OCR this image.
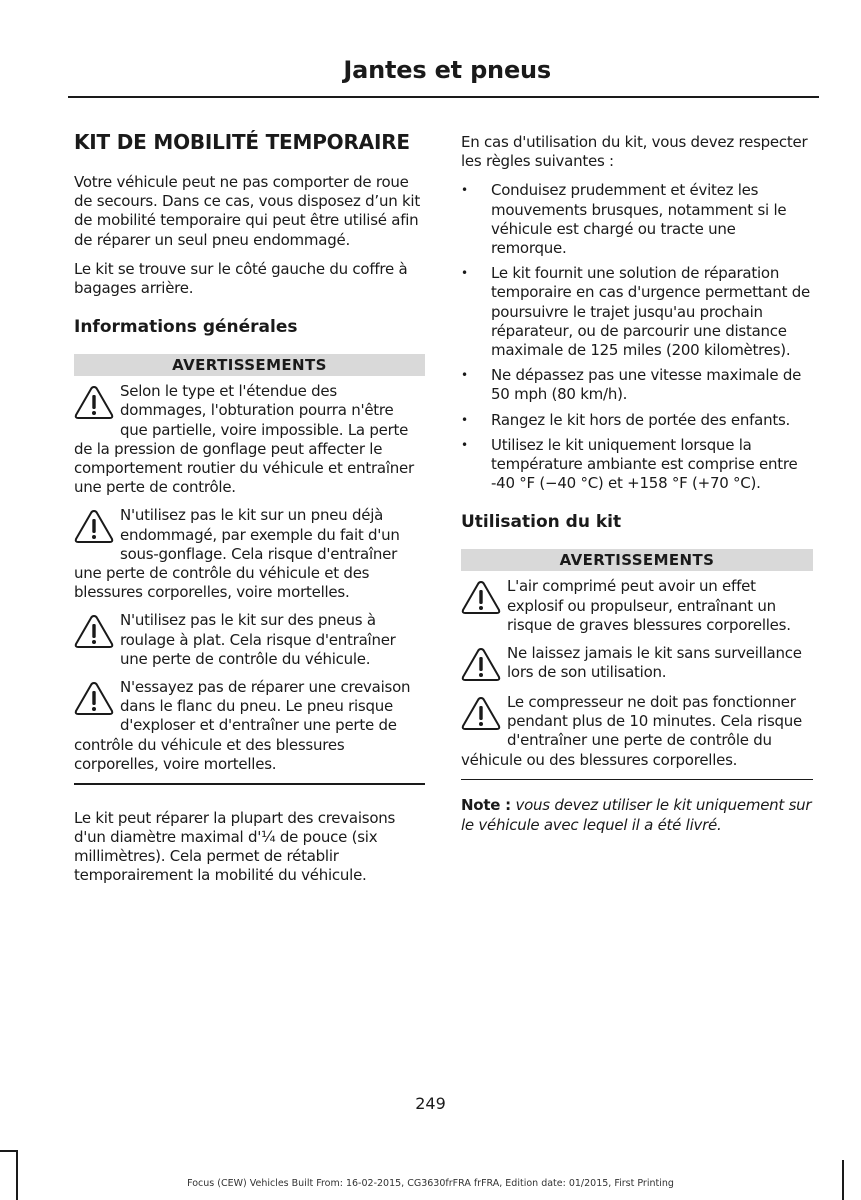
Jantes et pneus
KIT DE MOBILITÉ TEMPORAIRE

Votre véhicule peut ne pas comporter de roue de secours. Dans ce cas, vous disposez d’un kit de mobilité temporaire qui peut être utilisé afin de réparer un seul pneu endommagé.

Le kit se trouve sur le côté gauche du coffre à bagages arrière.

Informations générales
AVERTISSEMENTS
Selon le type et l'étendue des dommages, l'obturation pourra n'être que partielle, voire impossible. La perte de la pression de gonflage peut affecter le comportement routier du véhicule et entraîner une perte de contrôle.
N'utilisez pas le kit sur un pneu déjà endommagé, par exemple du fait d'un sous-gonflage. Cela risque d'entraîner une perte de contrôle du véhicule et des blessures corporelles, voire mortelles.
N'utilisez pas le kit sur des pneus à roulage à plat. Cela risque d'entraîner une perte de contrôle du véhicule.
N'essayez pas de réparer une crevaison dans le flanc du pneu. Le pneu risque d'exploser et d'entraîner une perte de contrôle du véhicule et des blessures corporelles, voire mortelles.

Le kit peut réparer la plupart des crevaisons d'un diamètre maximal d'¼ de pouce (six millimètres). Cela permet de rétablir temporairement la mobilité du véhicule.

En cas d'utilisation du kit, vous devez respecter les règles suivantes :

• Conduisez prudemment et évitez les mouvements brusques, notamment si le véhicule est chargé ou tracte une remorque.
• Le kit fournit une solution de réparation temporaire en cas d'urgence permettant de poursuivre le trajet jusqu'au prochain réparateur, ou de parcourir une distance maximale de 125 miles (200 kilomètres).
• Ne dépassez pas une vitesse maximale de 50 mph (80 km/h).
• Rangez le kit hors de portée des enfants.
• Utilisez le kit uniquement lorsque la température ambiante est comprise entre -40 °F (−40 °C) et +158 °F (+70 °C).
Utilisation du kit
AVERTISSEMENTS
L'air comprimé peut avoir un effet explosif ou propulseur, entraînant un risque de graves blessures corporelles.
Ne laissez jamais le kit sans surveillance lors de son utilisation.
Le compresseur ne doit pas fonctionner pendant plus de 10 minutes. Cela risque d'entraîner une perte de contrôle du véhicule ou des blessures corporelles.
Note : vous devez utiliser le kit uniquement sur le véhicule avec lequel il a été livré.
249
Focus (CEW) Vehicles Built From: 16-02-2015, CG3630frFRA frFRA, Edition date: 01/2015, First Printing
